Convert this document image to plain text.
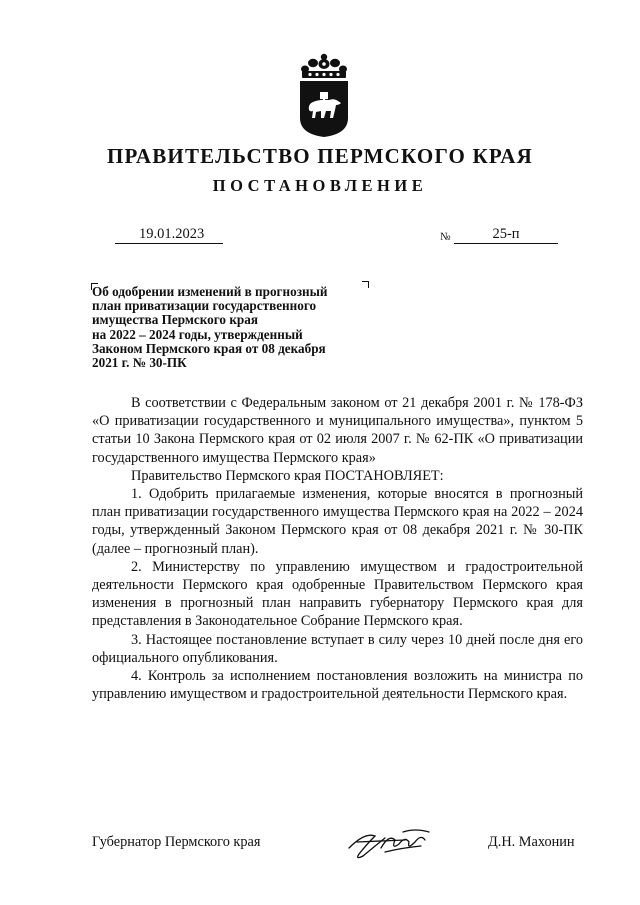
ПРАВИТЕЛЬСТВО ПЕРМСКОГО КРАЯ
ПОСТАНОВЛЕНИЕ
19.01.2023	№	25-п
Об одобрении изменений в прогнозный
план приватизации государственного
имущества Пермского края
на 2022 – 2024 годы, утвержденный
Законом Пермского края от 08 декабря
2021 г. № 30-ПК

В соответствии с Федеральным законом от 21 декабря 2001 г. № 178-ФЗ «О приватизации государственного и муниципального имущества», пунктом 5 статьи 10 Закона Пермского края от 02 июля 2007 г. № 62-ПК «О приватизации государственного имущества Пермского края»

Правительство Пермского края ПОСТАНОВЛЯЕТ:

1. Одобрить прилагаемые изменения, которые вносятся в прогнозный план приватизации государственного имущества Пермского края на 2022 – 2024 годы, утвержденный Законом Пермского края от 08 декабря 2021 г. № 30-ПК (далее – прогнозный план).

2. Министерству по управлению имуществом и градостроительной деятельности Пермского края одобренные Правительством Пермского края изменения в прогнозный план направить губернатору Пермского края для представления в Законодательное Собрание Пермского края.

3. Настоящее постановление вступает в силу через 10 дней после дня его официального опубликования.

4. Контроль за исполнением постановления возложить на министра по управлению имуществом и градостроительной деятельности Пермского края.

Губернатор Пермского края	Д.Н. Махонин
